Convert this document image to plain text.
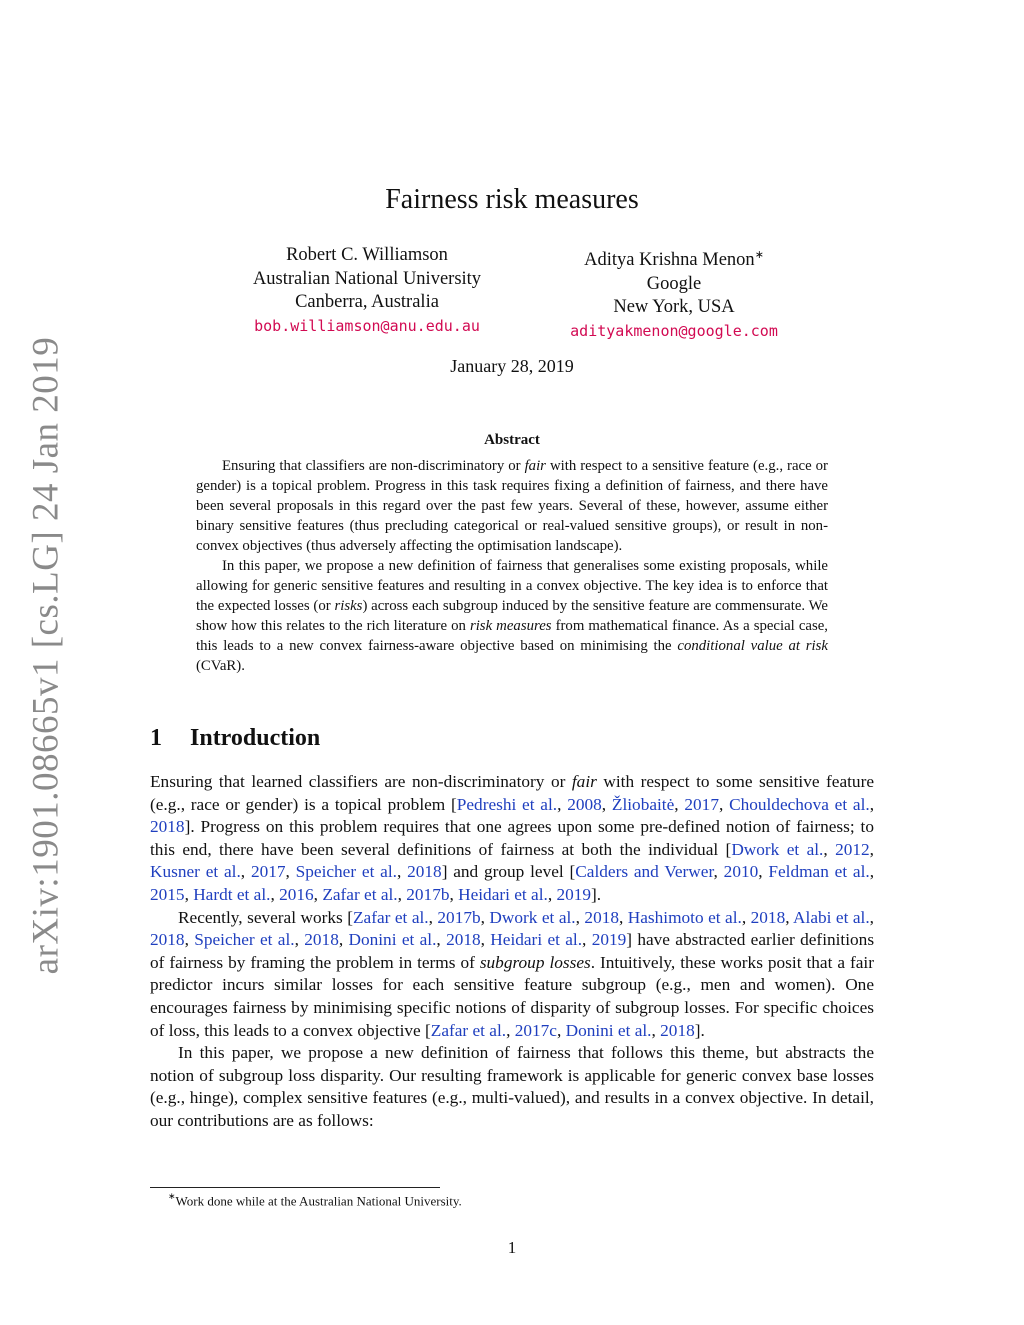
arXiv:1901.08665v1 [cs.LG] 24 Jan 2019
Fairness risk measures
Robert C. Williamson
Australian National University
Canberra, Australia
bob.williamson@anu.edu.au
Aditya Krishna Menon∗
Google
New York, USA
adityakmenon@google.com
January 28, 2019
Abstract

Ensuring that classifiers are non-discriminatory or fair with respect to a sensitive feature (e.g., race or gender) is a topical problem. Progress in this task requires fixing a definition of fairness, and there have been several proposals in this regard over the past few years. Several of these, however, assume either binary sensitive features (thus precluding categorical or real-valued sensitive groups), or result in non-convex objectives (thus adversely affecting the optimisation landscape).

In this paper, we propose a new definition of fairness that generalises some existing proposals, while allowing for generic sensitive features and resulting in a convex objective. The key idea is to enforce that the expected losses (or risks) across each subgroup induced by the sensitive feature are commensurate. We show how this relates to the rich literature on risk measures from mathematical finance. As a special case, this leads to a new convex fairness-aware objective based on minimising the conditional value at risk (CVaR).

1 Introduction

Ensuring that learned classifiers are non-discriminatory or fair with respect to some sensitive feature (e.g., race or gender) is a topical problem [Pedreshi et al., 2008, Žliobaitė, 2017, Chouldechova et al., 2018]. Progress on this problem requires that one agrees upon some pre-defined notion of fairness; to this end, there have been several definitions of fairness at both the individual [Dwork et al., 2012, Kusner et al., 2017, Speicher et al., 2018] and group level [Calders and Verwer, 2010, Feldman et al., 2015, Hardt et al., 2016, Zafar et al., 2017b, Heidari et al., 2019].

Recently, several works [Zafar et al., 2017b, Dwork et al., 2018, Hashimoto et al., 2018, Alabi et al., 2018, Speicher et al., 2018, Donini et al., 2018, Heidari et al., 2019] have abstracted earlier definitions of fairness by framing the problem in terms of subgroup losses. Intuitively, these works posit that a fair predictor incurs similar losses for each sensitive feature subgroup (e.g., men and women). One encourages fairness by minimising specific notions of disparity of subgroup losses. For specific choices of loss, this leads to a convex objective [Zafar et al., 2017c, Donini et al., 2018].

In this paper, we propose a new definition of fairness that follows this theme, but abstracts the notion of subgroup loss disparity. Our resulting framework is applicable for generic convex base losses (e.g., hinge), complex sensitive features (e.g., multi-valued), and results in a convex objective. In detail, our contributions are as follows:

∗Work done while at the Australian National University.
1
